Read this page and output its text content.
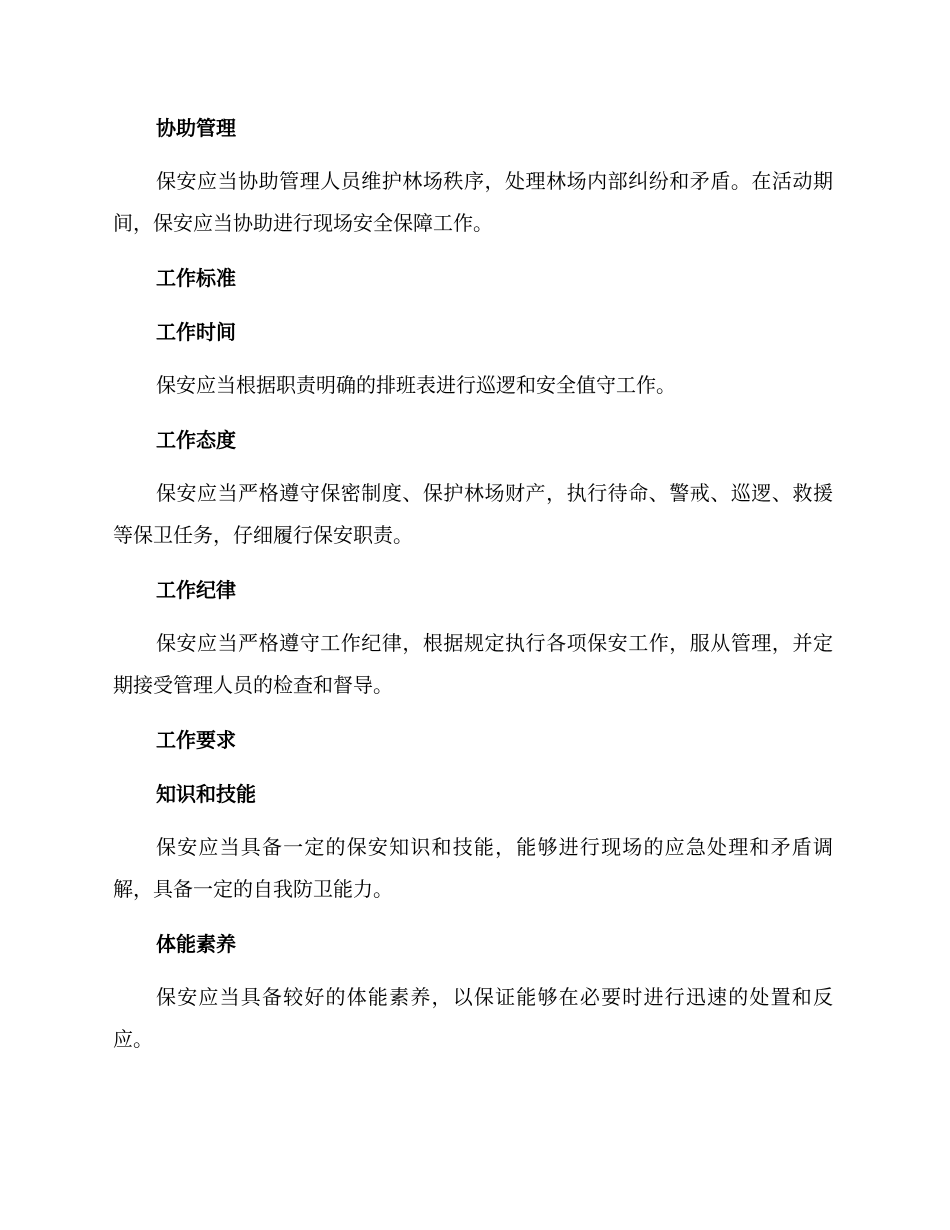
协助管理

保安应当协助管理人员维护林场秩序，处理林场内部纠纷和矛盾。在活动期间，保安应当协助进行现场安全保障工作。

工作标准
工作时间

保安应当根据职责明确的排班表进行巡逻和安全值守工作。

工作态度

保安应当严格遵守保密制度、保护林场财产，执行待命、警戒、巡逻、救援等保卫任务，仔细履行保安职责。

工作纪律

保安应当严格遵守工作纪律，根据规定执行各项保安工作，服从管理，并定期接受管理人员的检查和督导。

工作要求
知识和技能

保安应当具备一定的保安知识和技能，能够进行现场的应急处理和矛盾调解，具备一定的自我防卫能力。

体能素养

保安应当具备较好的体能素养，以保证能够在必要时进行迅速的处置和反应。
